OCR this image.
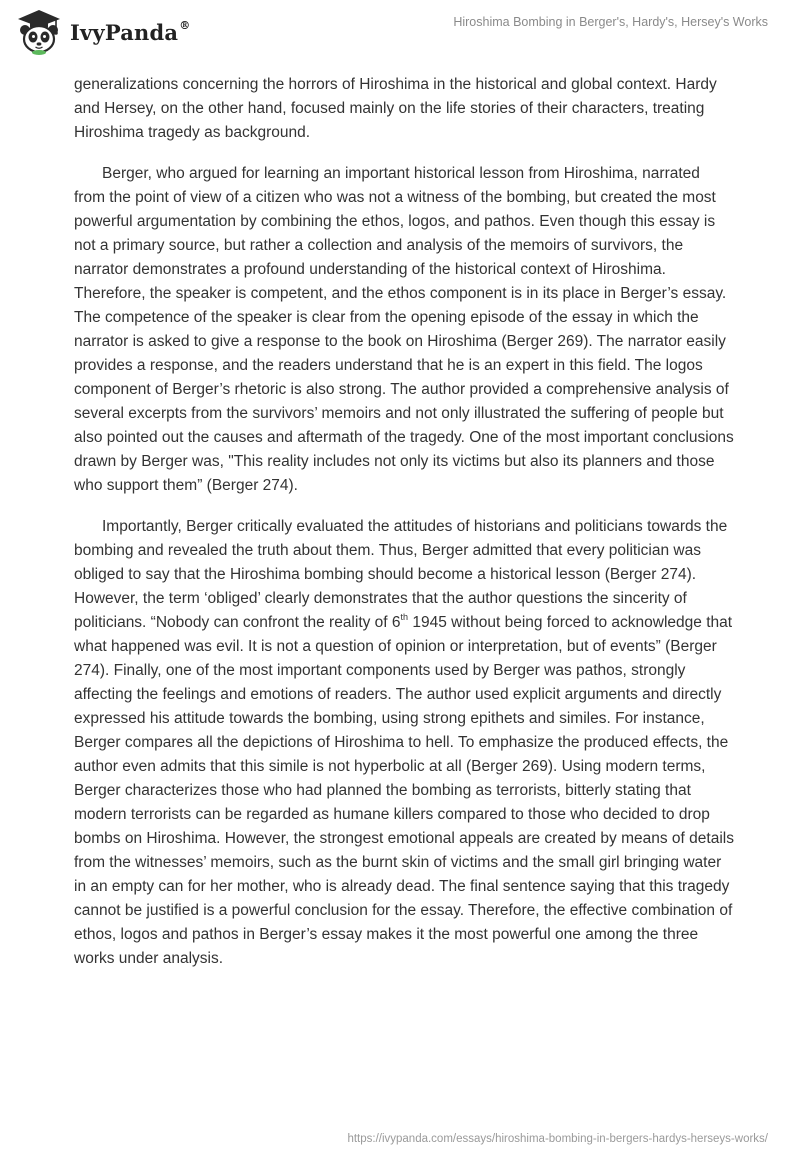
IvyPanda®	Hiroshima Bombing in Berger's, Hardy's, Hersey's Works

generalizations concerning the horrors of Hiroshima in the historical and global context. Hardy and Hersey, on the other hand, focused mainly on the life stories of their characters, treating Hiroshima tragedy as background.

Berger, who argued for learning an important historical lesson from Hiroshima, narrated from the point of view of a citizen who was not a witness of the bombing, but created the most powerful argumentation by combining the ethos, logos, and pathos. Even though this essay is not a primary source, but rather a collection and analysis of the memoirs of survivors, the narrator demonstrates a profound understanding of the historical context of Hiroshima. Therefore, the speaker is competent, and the ethos component is in its place in Berger’s essay. The competence of the speaker is clear from the opening episode of the essay in which the narrator is asked to give a response to the book on Hiroshima (Berger 269). The narrator easily provides a response, and the readers understand that he is an expert in this field. The logos component of Berger’s rhetoric is also strong. The author provided a comprehensive analysis of several excerpts from the survivors’ memoirs and not only illustrated the suffering of people but also pointed out the causes and aftermath of the tragedy. One of the most important conclusions drawn by Berger was, "This reality includes not only its victims but also its planners and those who support them” (Berger 274).

Importantly, Berger critically evaluated the attitudes of historians and politicians towards the bombing and revealed the truth about them. Thus, Berger admitted that every politician was obliged to say that the Hiroshima bombing should become a historical lesson (Berger 274). However, the term ‘obliged’ clearly demonstrates that the author questions the sincerity of politicians. “Nobody can confront the reality of 6th 1945 without being forced to acknowledge that what happened was evil. It is not a question of opinion or interpretation, but of events” (Berger 274). Finally, one of the most important components used by Berger was pathos, strongly affecting the feelings and emotions of readers. The author used explicit arguments and directly expressed his attitude towards the bombing, using strong epithets and similes. For instance, Berger compares all the depictions of Hiroshima to hell. To emphasize the produced effects, the author even admits that this simile is not hyperbolic at all (Berger 269). Using modern terms, Berger characterizes those who had planned the bombing as terrorists, bitterly stating that modern terrorists can be regarded as humane killers compared to those who decided to drop bombs on Hiroshima. However, the strongest emotional appeals are created by means of details from the witnesses’ memoirs, such as the burnt skin of victims and the small girl bringing water in an empty can for her mother, who is already dead. The final sentence saying that this tragedy cannot be justified is a powerful conclusion for the essay. Therefore, the effective combination of ethos, logos and pathos in Berger’s essay makes it the most powerful one among the three works under analysis.

https://ivypanda.com/essays/hiroshima-bombing-in-bergers-hardys-herseys-works/
